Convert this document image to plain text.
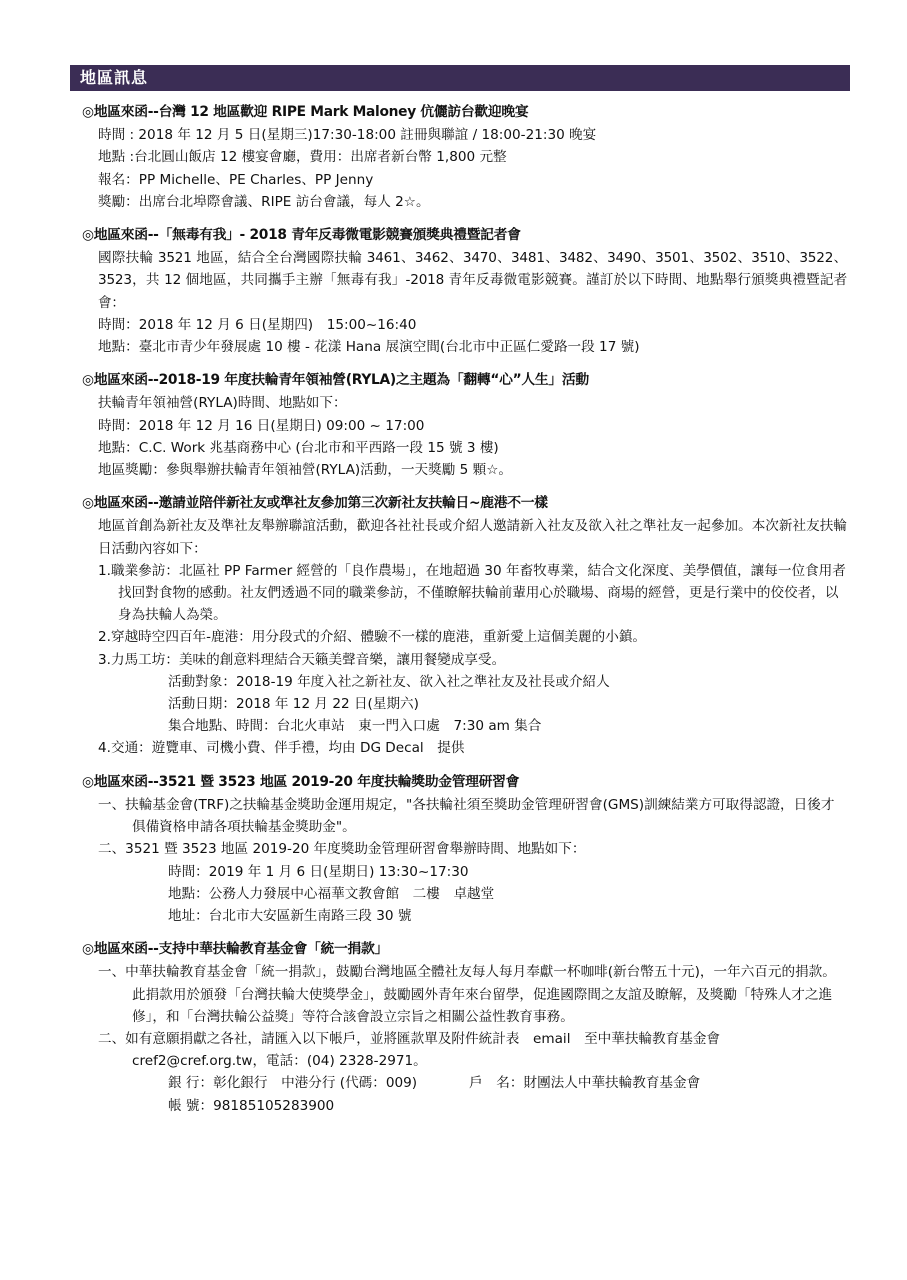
地區訊息
◎地區來函--台灣 12 地區歡迎 RIPE Mark Maloney 伉儷訪台歡迎晚宴
時間 : 2018 年 12 月 5 日(星期三)17:30-18:00 註冊與聯誼 / 18:00-21:30 晚宴
地點 :台北圓山飯店 12 樓宴會廳，費用：出席者新台幣 1,800 元整
報名：PP Michelle、PE Charles、PP Jenny
獎勵：出席台北埠際會議、RIPE 訪台會議，每人 2☆。
◎地區來函--「無毒有我」- 2018 青年反毒微電影競賽頒獎典禮暨記者會
國際扶輪 3521 地區，結合全台灣國際扶輪 3461、3462、3470、3481、3482、3490、3501、3502、3510、3522、3523，共 12 個地區，共同攜手主辦「無毒有我」-2018 青年反毒微電影競賽。謹訂於以下時間、地點舉行頒獎典禮暨記者會：
時間：2018 年 12 月 6 日(星期四)　15:00~16:40
地點：臺北市青少年發展處 10 樓 - 花漾 Hana 展演空間(台北市中正區仁愛路一段 17 號)
◎地區來函--2018-19 年度扶輪青年領袖營(RYLA)之主題為「翻轉“心”人生」活動
扶輪青年領袖營(RYLA)時間、地點如下：
時間：2018 年 12 月 16 日(星期日) 09:00 ~ 17:00
地點：C.C. Work 兆基商務中心 (台北市和平西路一段 15 號 3 樓)
地區獎勵：參與舉辦扶輪青年領袖營(RYLA)活動，一天獎勵 5 顆☆。
◎地區來函--邀請並陪伴新社友或準社友參加第三次新社友扶輪日~鹿港不一樣
地區首創為新社友及準社友舉辦聯誼活動，歡迎各社社長或介紹人邀請新入社友及欲入社之準社友一起參加。本次新社友扶輪日活動內容如下：
1.職業參訪：北區社 PP Farmer 經營的「良作農場」，在地超過 30 年畜牧專業，結合文化深度、美學價值，讓每一位食用者找回對食物的感動。社友們透過不同的職業參訪，不僅瞭解扶輪前輩用心於職場、商場的經營，更是行業中的佼佼者，以身為扶輪人為榮。
2.穿越時空四百年-鹿港：用分段式的介紹、體驗不一樣的鹿港，重新愛上這個美麗的小鎮。
3.力馬工坊：美味的創意料理結合天籟美聲音樂，讓用餐變成享受。
活動對象：2018-19 年度入社之新社友、欲入社之準社友及社長或介紹人
活動日期：2018 年 12 月 22 日(星期六)
集合地點、時間：台北火車站　東一門入口處　7:30 am 集合
4.交通：遊覽車、司機小費、伴手禮，均由 DG Decal　提供
◎地區來函--3521 暨 3523 地區 2019-20 年度扶輪獎助金管理研習會
一、扶輪基金會(TRF)之扶輪基金獎助金運用規定，"各扶輪社須至獎助金管理研習會(GMS)訓練結業方可取得認證，日後才俱備資格申請各項扶輪基金獎助金"。
二、3521 暨 3523 地區 2019-20 年度獎助金管理研習會舉辦時間、地點如下：
時間：2019 年 1 月 6 日(星期日) 13:30~17:30
地點：公務人力發展中心福華文教會館　二樓　卓越堂
地址：台北市大安區新生南路三段 30 號
◎地區來函--支持中華扶輪教育基金會「統一捐款」
一、中華扶輪教育基金會「統一捐款」，鼓勵台灣地區全體社友每人每月奉獻一杯咖啡(新台幣五十元)，一年六百元的捐款。此捐款用於頒發「台灣扶輪大使獎學金」，鼓勵國外青年來台留學，促進國際間之友誼及瞭解，及獎勵「特殊人才之進修」，和「台灣扶輪公益獎」等符合該會設立宗旨之相關公益性教育事務。
二、如有意願捐獻之各社，請匯入以下帳戶，並將匯款單及附件統計表　email　至中華扶輪教育基金會 cref2@cref.org.tw，電話：(04) 2328-2971。
銀 行：彰化銀行　中港分行 (代碼：009)	戶　名：財團法人中華扶輪教育基金會
帳 號：98185105283900
